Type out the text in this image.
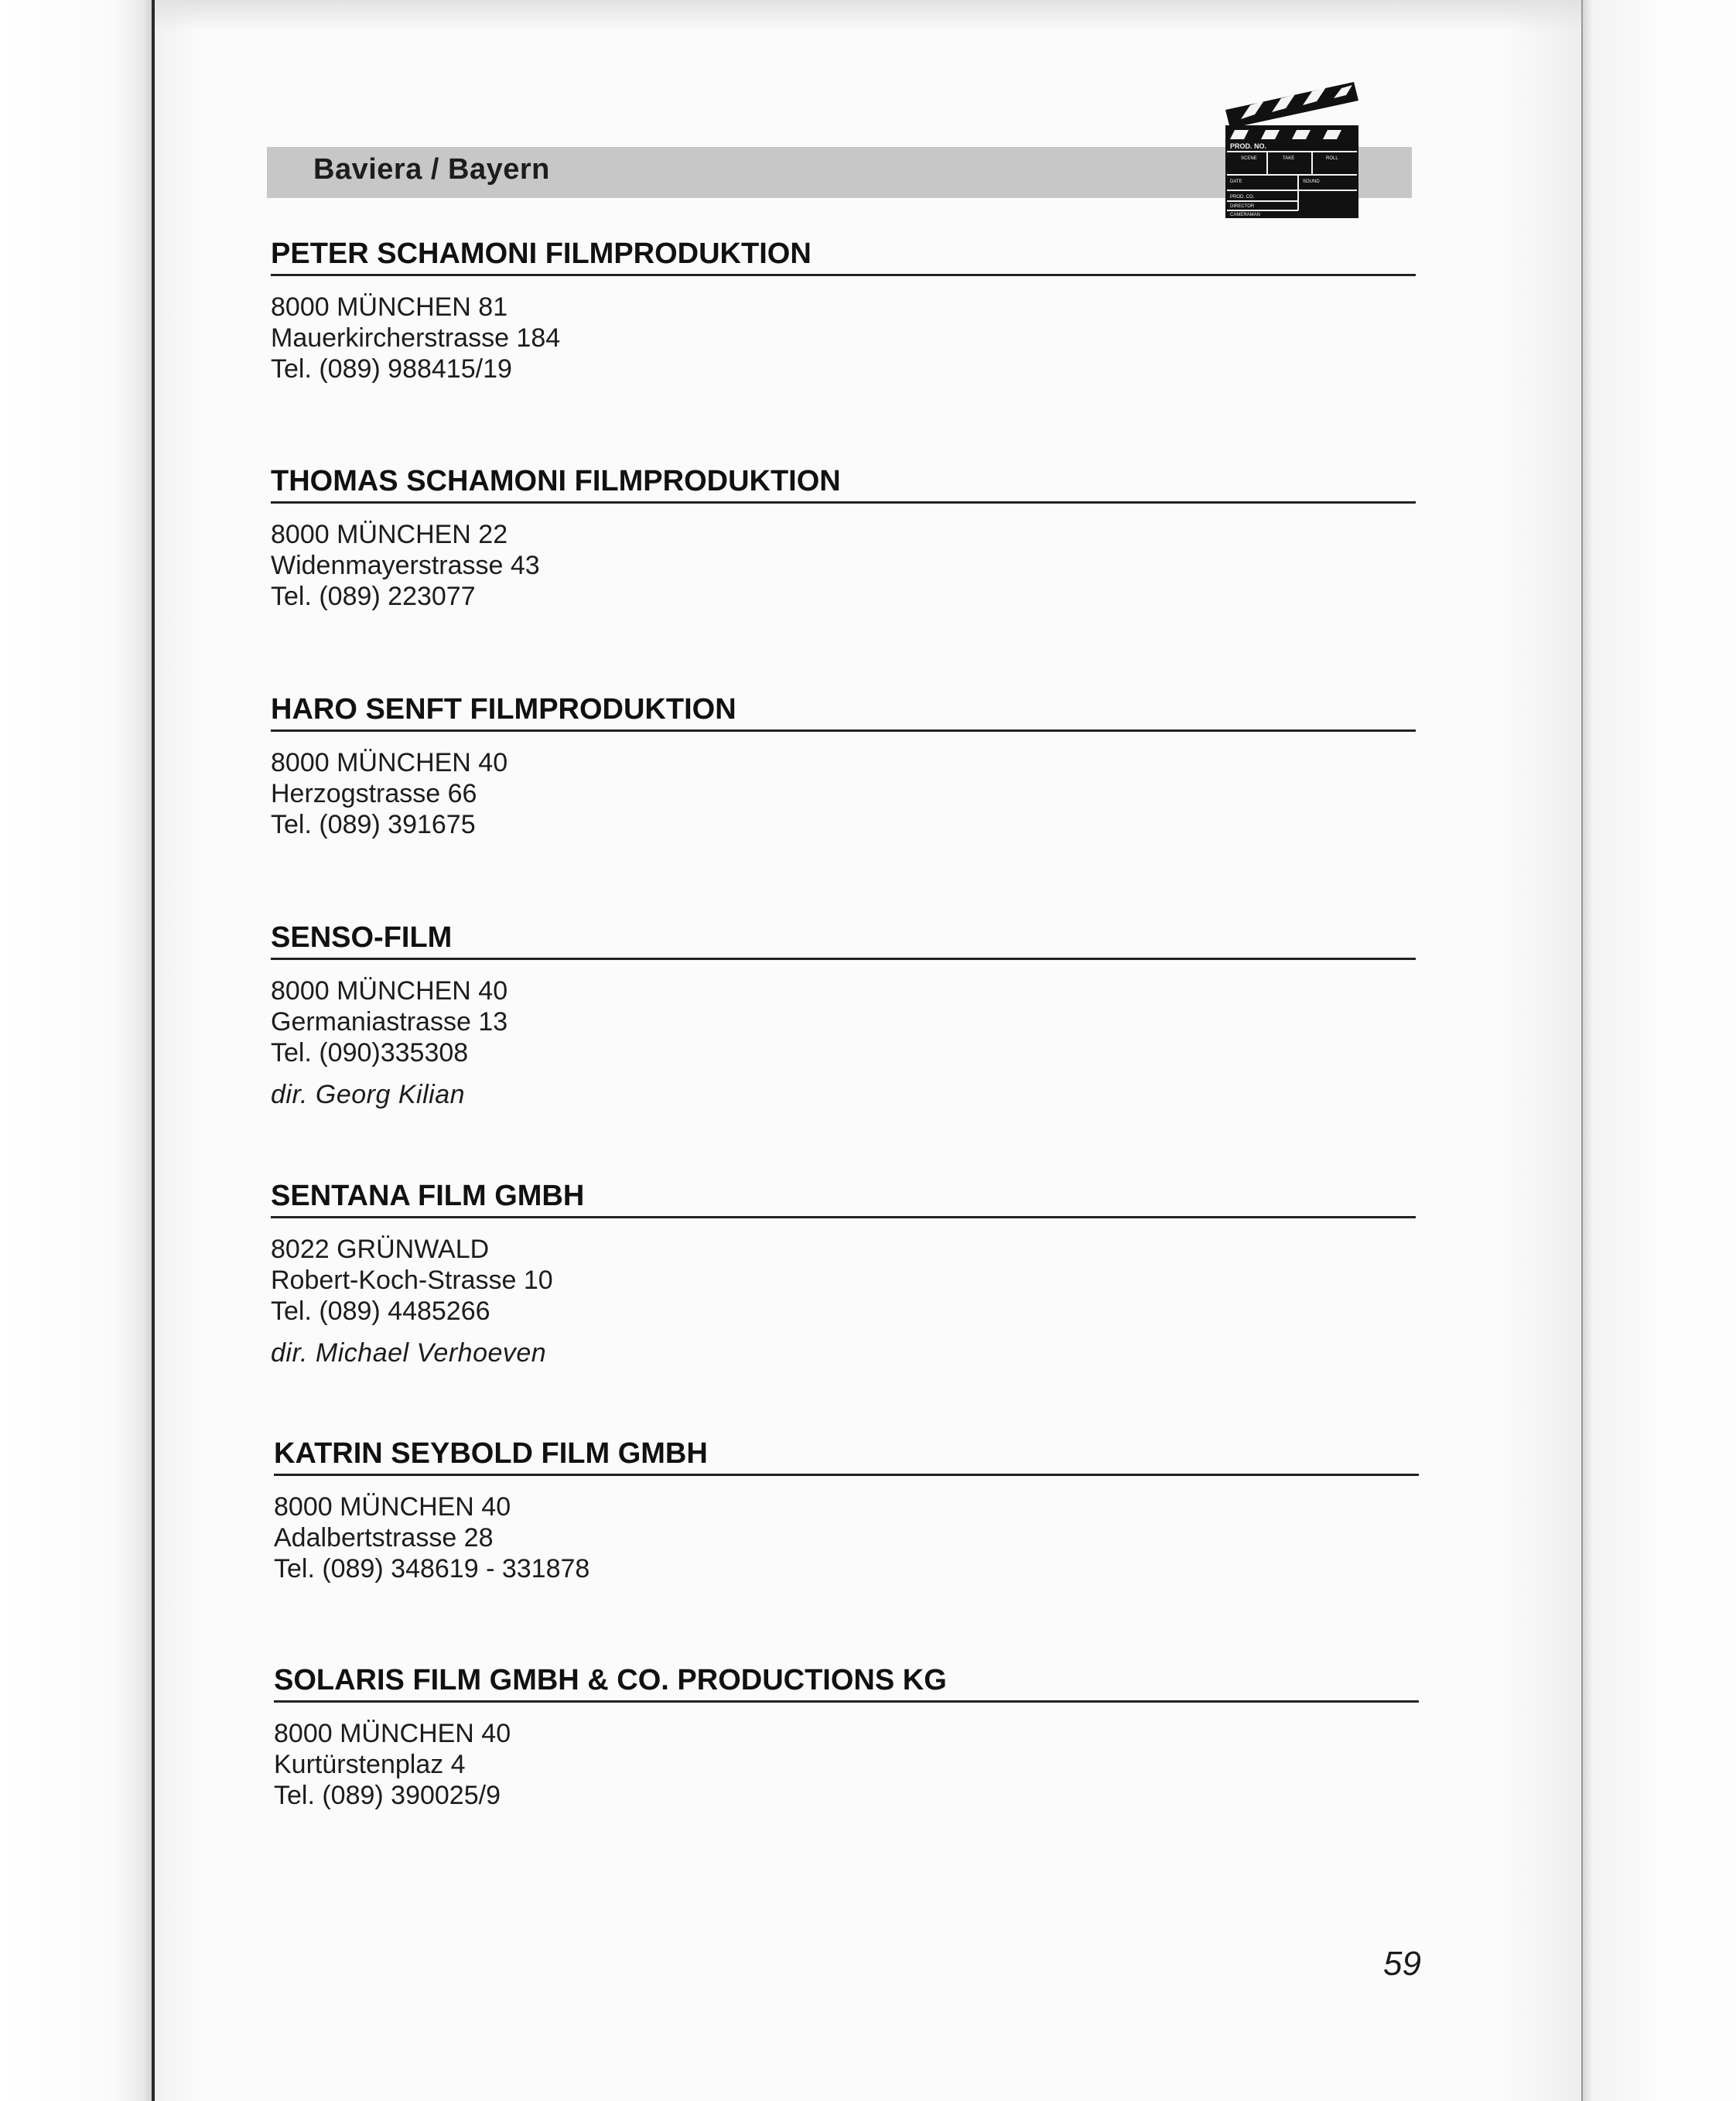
Baviera / Bayern
PROD. NO.
SCENE	TAKE	ROLL
DATE	SOUND
PROD. CO.
DIRECTOR
CAMERAMAN
PETER SCHAMONI FILMPRODUKTION
8000 MÜNCHEN 81
Mauerkircherstrasse 184
Tel. (089) 988415/19
THOMAS SCHAMONI FILMPRODUKTION
8000 MÜNCHEN 22
Widenmayerstrasse 43
Tel. (089) 223077
HARO SENFT FILMPRODUKTION
8000 MÜNCHEN 40
Herzogstrasse 66
Tel. (089) 391675
SENSO-FILM
8000 MÜNCHEN 40
Germaniastrasse 13
Tel. (090)335308
dir. Georg Kilian
SENTANA FILM GMBH
8022 GRÜNWALD
Robert-Koch-Strasse 10
Tel. (089) 4485266
dir. Michael Verhoeven
KATRIN SEYBOLD FILM GMBH
8000 MÜNCHEN 40
Adalbertstrasse 28
Tel. (089) 348619 - 331878
SOLARIS FILM GMBH & CO. PRODUCTIONS KG
8000 MÜNCHEN 40
Kurtürstenplaz 4
Tel. (089) 390025/9
59
